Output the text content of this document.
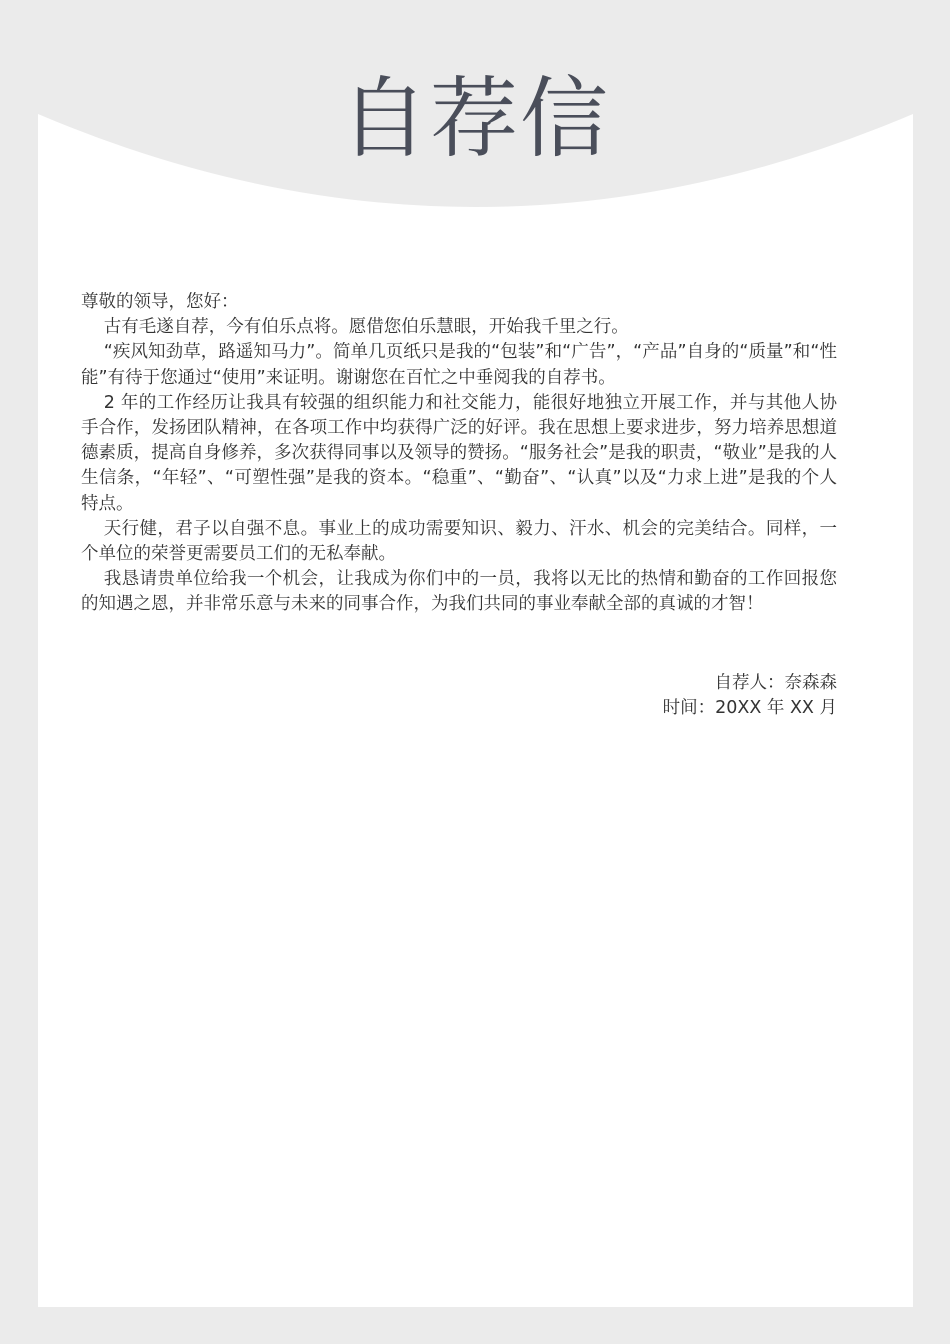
自荐信

尊敬的领导，您好：

古有毛遂自荐，今有伯乐点将。愿借您伯乐慧眼，开始我千里之行。

“疾风知劲草，路遥知马力”。简单几页纸只是我的“包装”和“广告”，“产品”自身的“质量”和“性能”有待于您通过“使用”来证明。谢谢您在百忙之中垂阅我的自荐书。

2 年的工作经历让我具有较强的组织能力和社交能力，能很好地独立开展工作，并与其他人协手合作，发扬团队精神，在各项工作中均获得广泛的好评。我在思想上要求进步，努力培养思想道德素质，提高自身修养，多次获得同事以及领导的赞扬。“服务社会”是我的职责，“敬业”是我的人生信条，“年轻”、“可塑性强”是我的资本。“稳重”、“勤奋”、“认真”以及“力求上进”是我的个人特点。

天行健，君子以自强不息。事业上的成功需要知识、毅力、汗水、机会的完美结合。同样，一个单位的荣誉更需要员工们的无私奉献。

我恳请贵单位给我一个机会，让我成为你们中的一员，我将以无比的热情和勤奋的工作回报您的知遇之恩，并非常乐意与未来的同事合作，为我们共同的事业奉献全部的真诚的才智！

自荐人：奈森森
时间：20XX 年 XX 月
